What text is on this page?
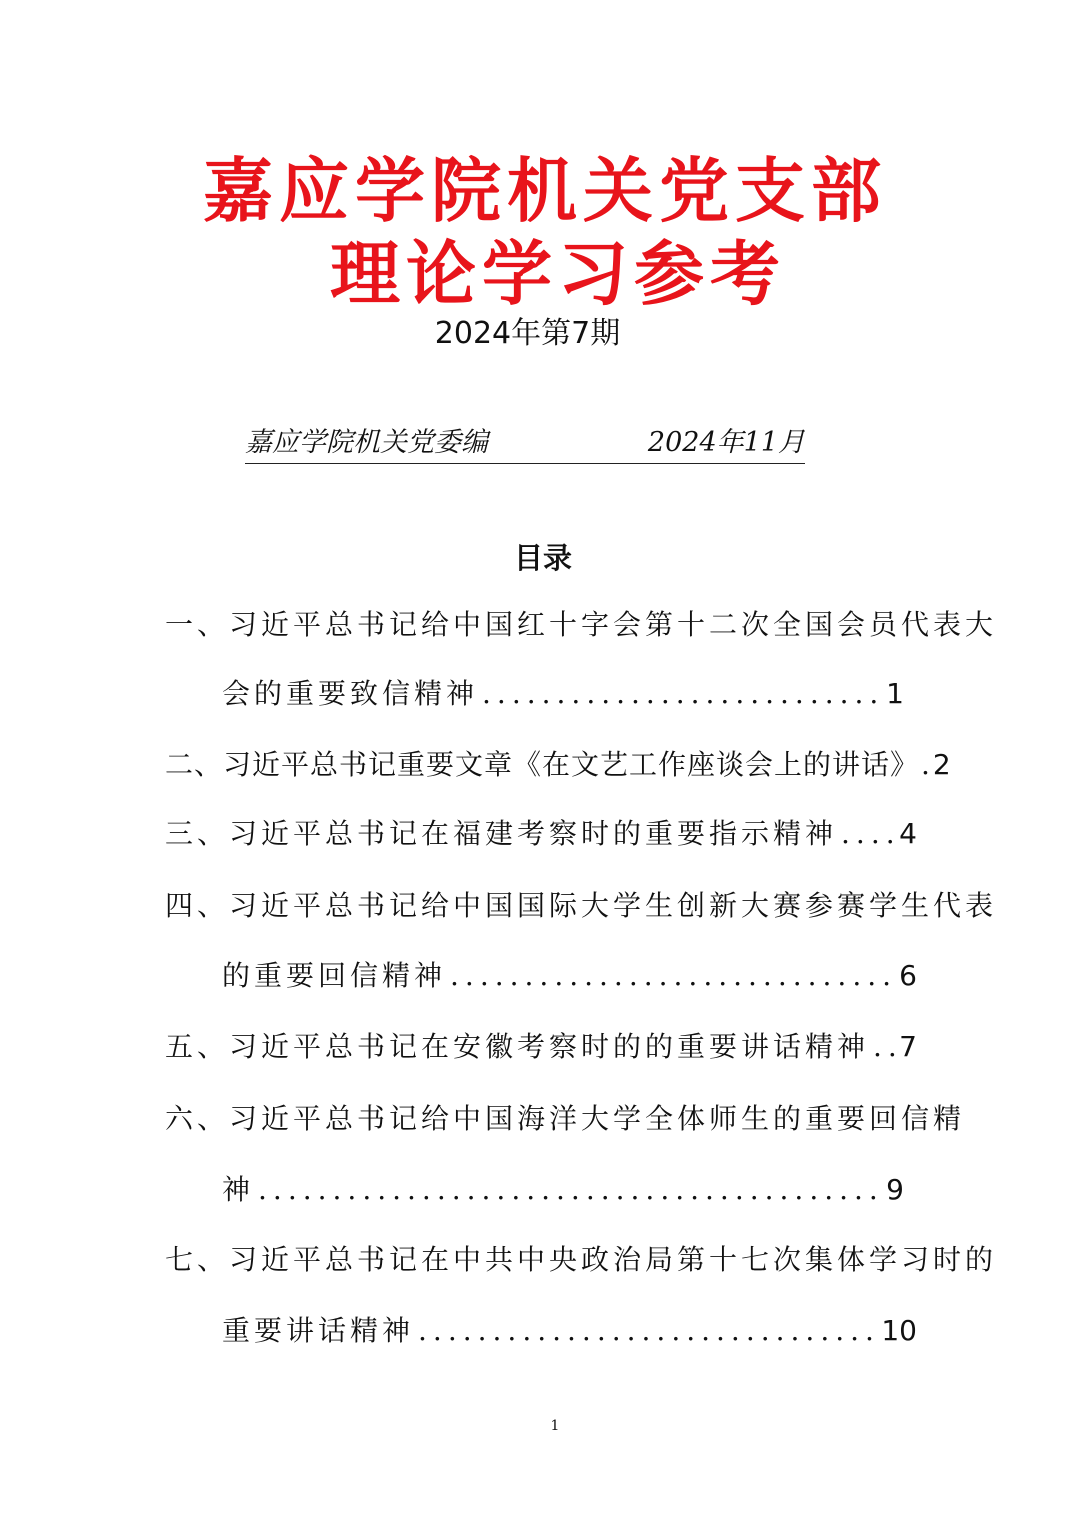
嘉应学院机关党支部
理论学习参考
2024年第7期
嘉应学院机关党委编	2024年11月
目录
一、习近平总书记给中国红十字会第十二次全国会员代表大
会的重要致信精神 .....	1
二、习近平总书记重要文章《在文艺工作座谈会上的讲话》 . 2
三、习近平总书记在福建考察时的重要指示精神 ..... 4
四、习近平总书记给中国国际大学生创新大赛参赛学生代表
的重要回信精神 .....	6
五、习近平总书记在安徽考察时的的重要讲话精神 ..... 7
六、习近平总书记给中国海洋大学全体师生的重要回信精
神 .....	9
七、习近平总书记在中共中央政治局第十七次集体学习时的
重要讲话精神 .....	10
1
